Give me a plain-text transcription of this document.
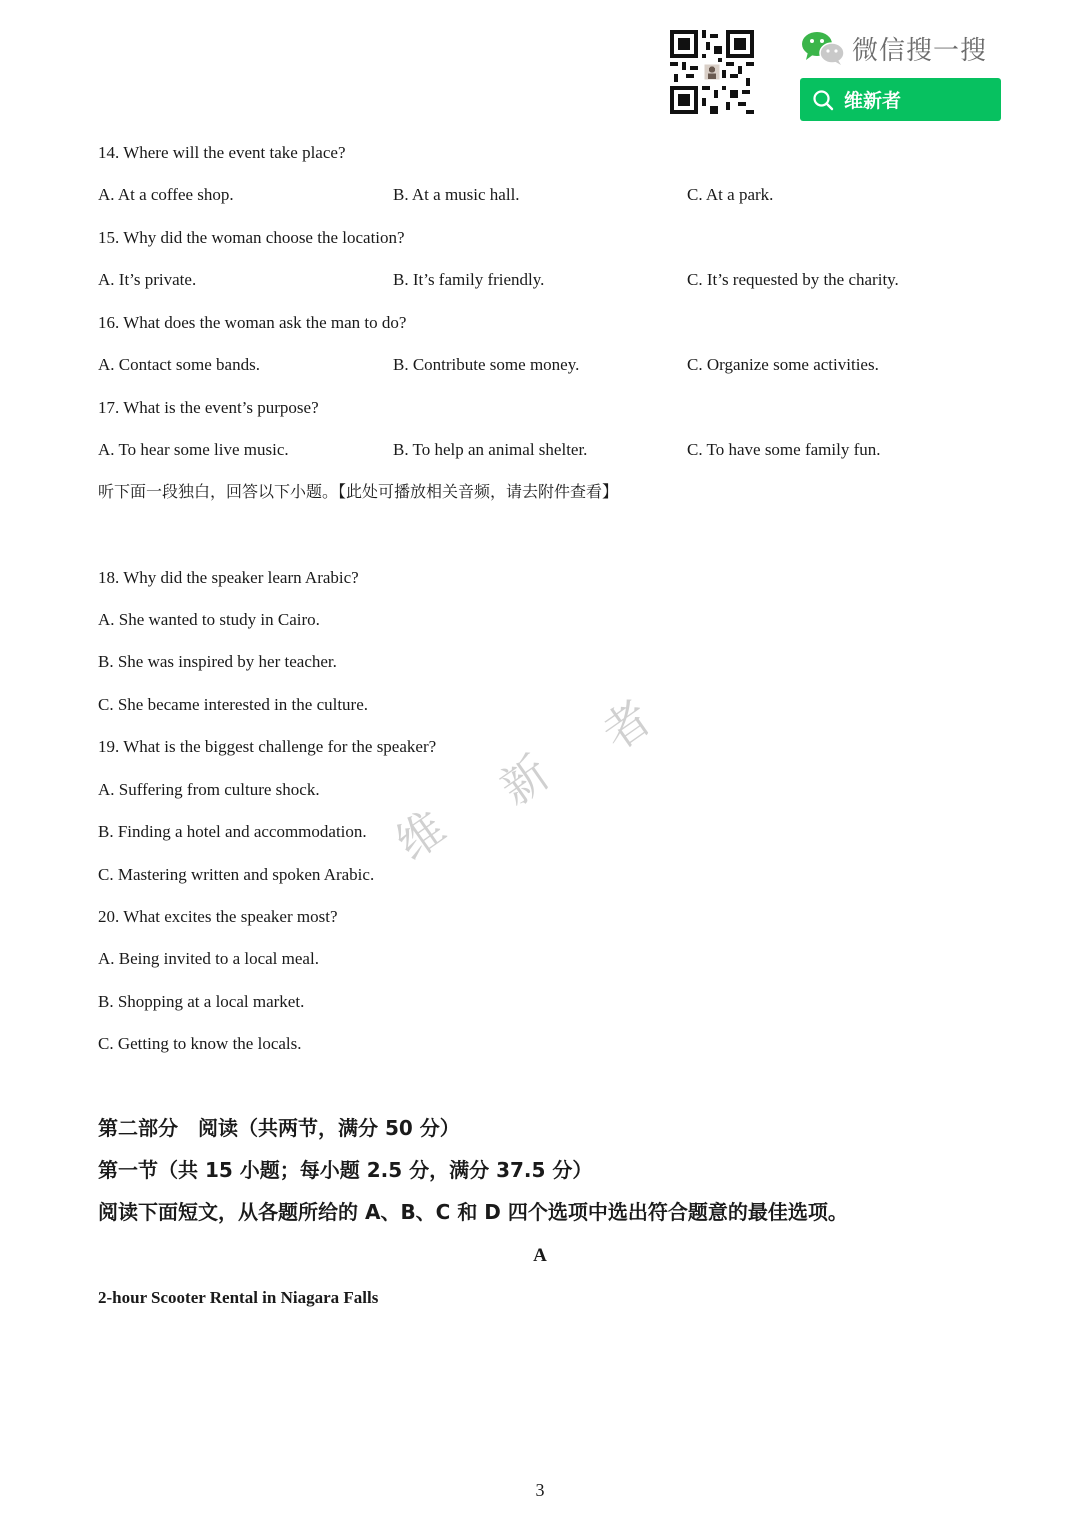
微信搜一搜
维新者
14. Where will the event take place?
A. At a coffee shop.	B. At a music hall.	C. At a park.
15. Why did the woman choose the location?
A. It’s private.	B. It’s family friendly.	C. It’s requested by the charity.
16. What does the woman ask the man to do?
A. Contact some bands.	B. Contribute some money.	C. Organize some activities.
17. What is the event’s purpose?
A. To hear some live music.	B. To help an animal shelter.	C. To have some family fun.
听下面一段独白，回答以下小题。【此处可播放相关音频，请去附件查看】
18. Why did the speaker learn Arabic?
A. She wanted to study in Cairo.
B. She was inspired by her teacher.
C. She became interested in the culture.
19. What is the biggest challenge for the speaker?
A. Suffering from culture shock.
B. Finding a hotel and accommodation.
C. Mastering written and spoken Arabic.
20. What excites the speaker most?
A. Being invited to a local meal.
B. Shopping at a local market.
C. Getting to know the locals.
第二部分　阅读（共两节，满分 50 分）
第一节（共 15 小题；每小题 2.5 分，满分 37.5 分）
阅读下面短文，从各题所给的 A、B、C 和 D 四个选项中选出符合题意的最佳选项。
A
2-hour Scooter Rental in Niagara Falls
维
新
者
3
